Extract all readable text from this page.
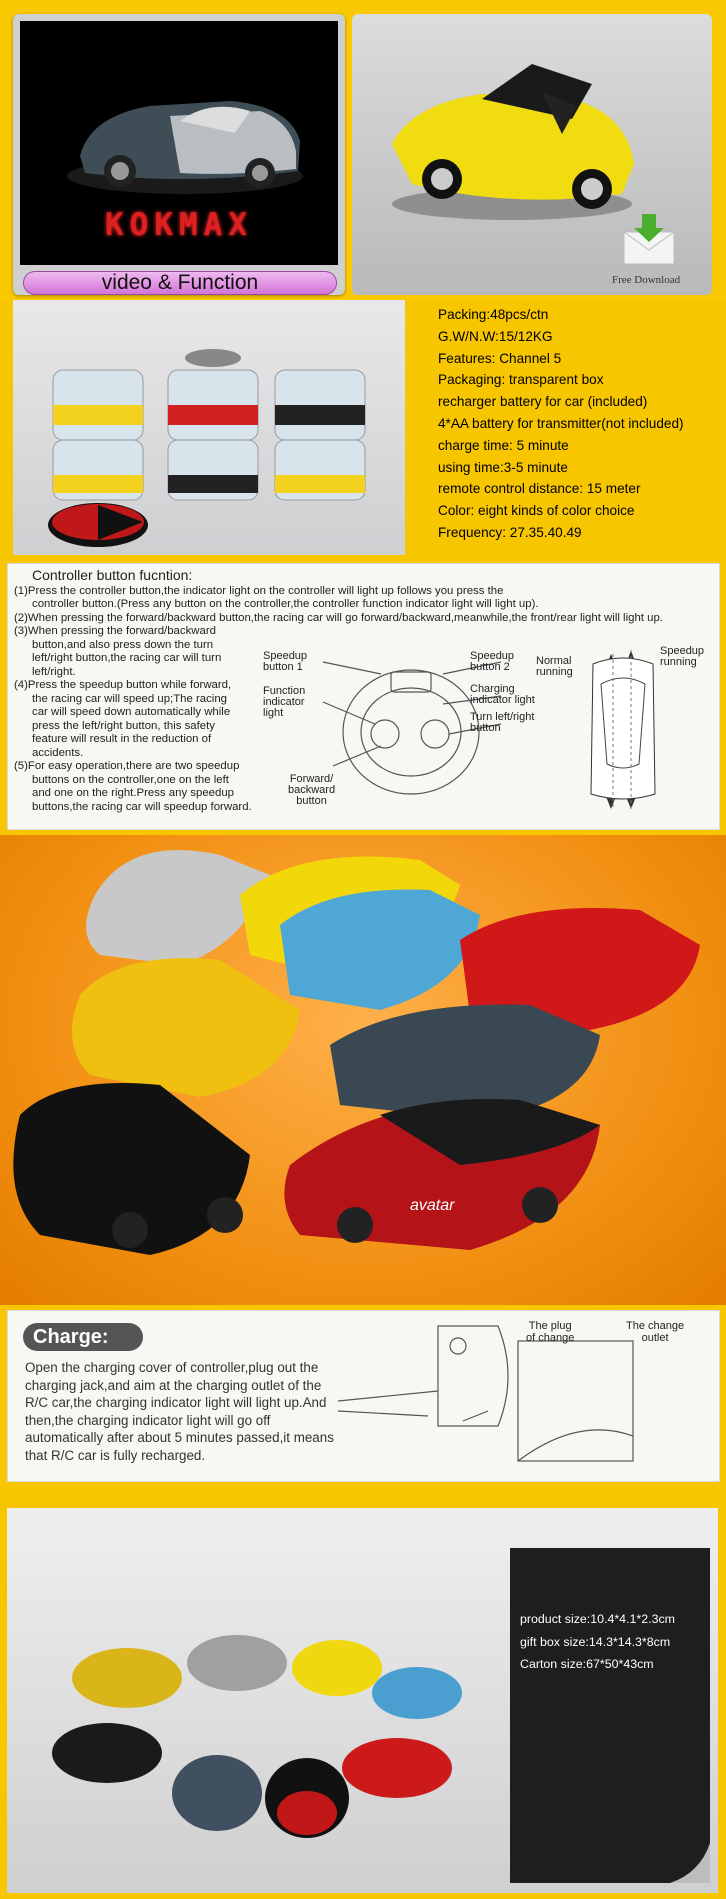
KOKMAX
video & Function	Free Download
Packing:48pcs/ctn
G.W/N.W:15/12KG
Features: Channel 5
Packaging: transparent box
recharger battery for car (included)
4*AA battery for transmitter(not included)
charge time: 5 minute
using time:3-5 minute
remote control distance: 15 meter
Color: eight kinds of color choice
Frequency: 27.35.40.49
Controller button fucntion:
(1)Press the controller button,the indicator light on the controller will light up follows you press the
controller button.(Press any button on the controller,the controller function indicator light will light up).
(2)When pressing the forward/backward button,the racing car will go forward/backward,meanwhile,the front/rear light will light up.
(3)When pressing the forward/backward
button,and also press down the turn
left/right button,the racing car will turn
left/right.
(4)Press the speedup button while forward,
the racing car will speed up;The racing
car will speed down automatically while
press the left/right button, this safety
feature will result in the reduction of
accidents.
(5)For easy operation,there are two speedup
buttons on the controller,one on the left
and one on the right.Press any speedup
buttons,the racing car will speedup forward.
Speedup
button 1
Function
indicator
light
Forward/
backward
button
Speedup
button 2
Charging
indicator light
Turn left/right
button
Normal
running
Speedup
running
avatar
Charge:
Open the charging cover of controller,plug out the charging jack,and aim at the charging outlet of the R/C car,the charging indicator light will light up.And then,the charging indicator light will go off automatically after about 5 minutes passed,it means that R/C car is fully recharged.
The plug
of change
The change
outlet
product size:10.4*4.1*2.3cm
gift box size:14.3*14.3*8cm
Carton size:67*50*43cm
